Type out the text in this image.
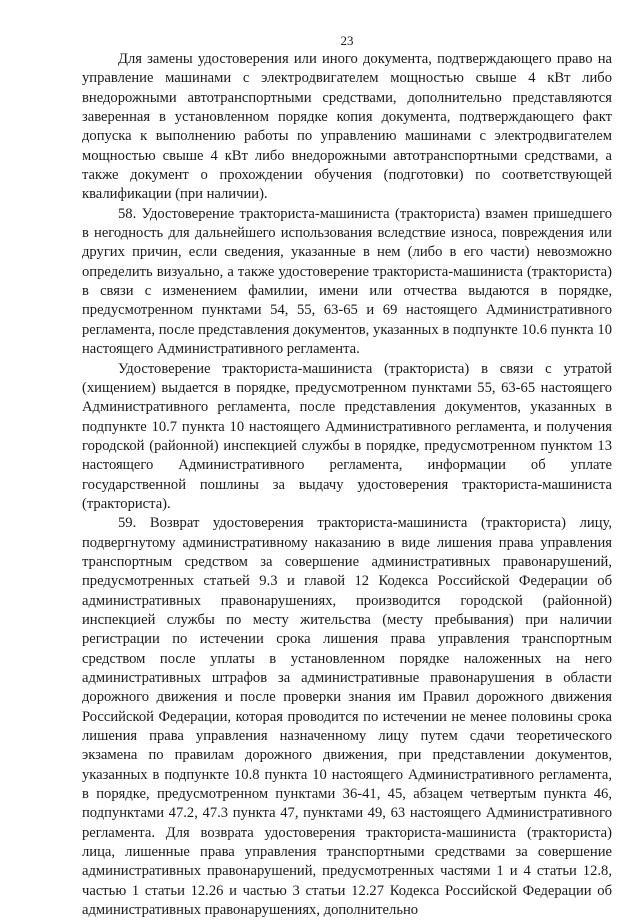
23

Для замены удостоверения или иного документа, подтверждающего право на управление машинами с электродвигателем мощностью свыше 4 кВт либо внедорожными автотранспортными средствами, дополнительно представляются заверенная в установленном порядке копия документа, подтверждающего факт допуска к выполнению работы по управлению машинами с электродвигателем мощностью свыше 4 кВт либо внедорожными автотранспортными средствами, а также документ о прохождении обучения (подготовки) по соответствующей квалификации (при наличии).

58. Удостоверение тракториста-машиниста (тракториста) взамен пришедшего в негодность для дальнейшего использования вследствие износа, повреждения или других причин, если сведения, указанные в нем (либо в его части) невозможно определить визуально, а также удостоверение тракториста-машиниста (тракториста) в связи с изменением фамилии, имени или отчества выдаются в порядке, предусмотренном пунктами 54, 55, 63-65 и 69 настоящего Административного регламента, после представления документов, указанных в подпункте 10.6 пункта 10 настоящего Административного регламента.

Удостоверение тракториста-машиниста (тракториста) в связи с утратой (хищением) выдается в порядке, предусмотренном пунктами 55, 63-65 настоящего Административного регламента, после представления документов, указанных в подпункте 10.7 пункта 10 настоящего Административного регламента, и получения городской (районной) инспекцией службы в порядке, предусмотренном пунктом 13 настоящего Административного регламента, информации об уплате государственной пошлины за выдачу удостоверения тракториста-машиниста (тракториста).

59. Возврат удостоверения тракториста-машиниста (тракториста) лицу, подвергнутому административному наказанию в виде лишения права управления транспортным средством за совершение административных правонарушений, предусмотренных статьей 9.3 и главой 12 Кодекса Российской Федерации об административных правонарушениях, производится городской (районной) инспекцией службы по месту жительства (месту пребывания) при наличии регистрации по истечении срока лишения права управления транспортным средством после уплаты в установленном порядке наложенных на него административных штрафов за административные правонарушения в области дорожного движения и после проверки знания им Правил дорожного движения Российской Федерации, которая проводится по истечении не менее половины срока лишения права управления назначенному лицу путем сдачи теоретического экзамена по правилам дорожного движения, при представлении документов, указанных в подпункте 10.8 пункта 10 настоящего Административного регламента, в порядке, предусмотренном пунктами 36-41, 45, абзацем четвертым пункта 46, подпунктами 47.2, 47.3 пункта 47, пунктами 49, 63 настоящего Административного регламента. Для возврата удостоверения тракториста-машиниста (тракториста) лица, лишенные права управления транспортными средствами за совершение административных правонарушений, предусмотренных частями 1 и 4 статьи 12.8, частью 1 статьи 12.26 и частью 3 статьи 12.27 Кодекса Российской Федерации об административных правонарушениях, дополнительно
